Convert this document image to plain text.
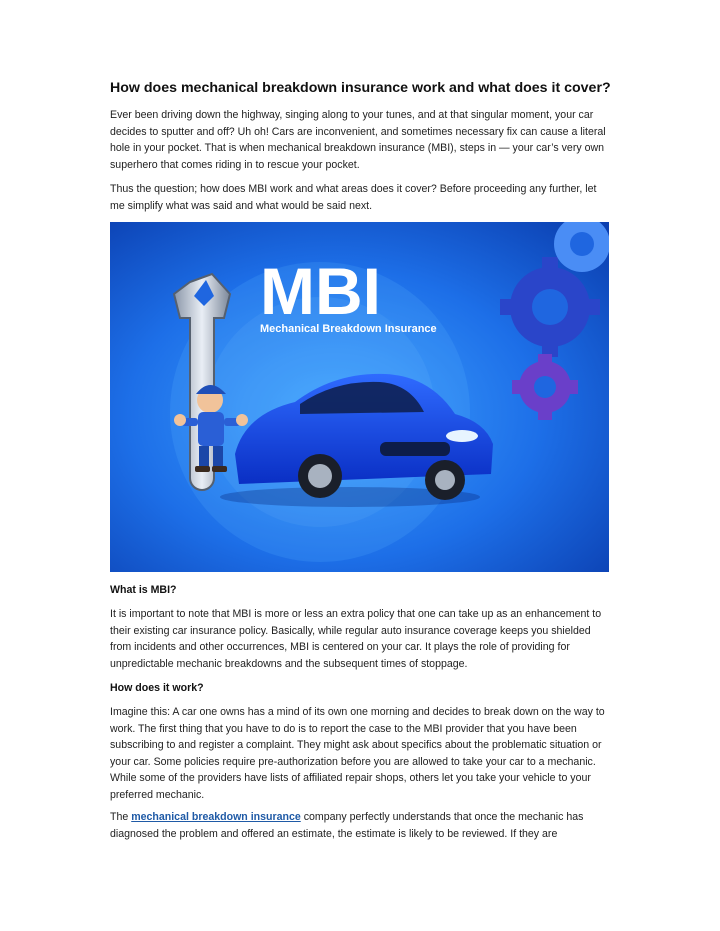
How does mechanical breakdown insurance work and what does it cover?

Ever been driving down the highway, singing along to your tunes, and at that singular moment, your car decides to sputter and off? Uh oh! Cars are inconvenient, and sometimes necessary fix can cause a literal hole in your pocket. That is when mechanical breakdown insurance (MBI), steps in — your car’s very own superhero that comes riding in to rescue your pocket.

Thus the question; how does MBI work and what areas does it cover? Before proceeding any further, let me simplify what was said and what would be said next.

MBI
Mechanical Breakdown Insurance
What is MBI?

It is important to note that MBI is more or less an extra policy that one can take up as an enhancement to their existing car insurance policy. Basically, while regular auto insurance coverage keeps you shielded from incidents and other occurrences, MBI is centered on your car. It plays the role of providing for unpredictable mechanic breakdowns and the subsequent times of stoppage.

How does it work?

Imagine this: A car one owns has a mind of its own one morning and decides to break down on the way to work. The first thing that you have to do is to report the case to the MBI provider that you have been subscribing to and register a complaint. They might ask about specifics about the problematic situation or your car. Some policies require pre-authorization before you are allowed to take your car to a mechanic. While some of the providers have lists of affiliated repair shops, others let you take your vehicle to your preferred mechanic.

The mechanical breakdown insurance company perfectly understands that once the mechanic has diagnosed the problem and offered an estimate, the estimate is likely to be reviewed. If they are
